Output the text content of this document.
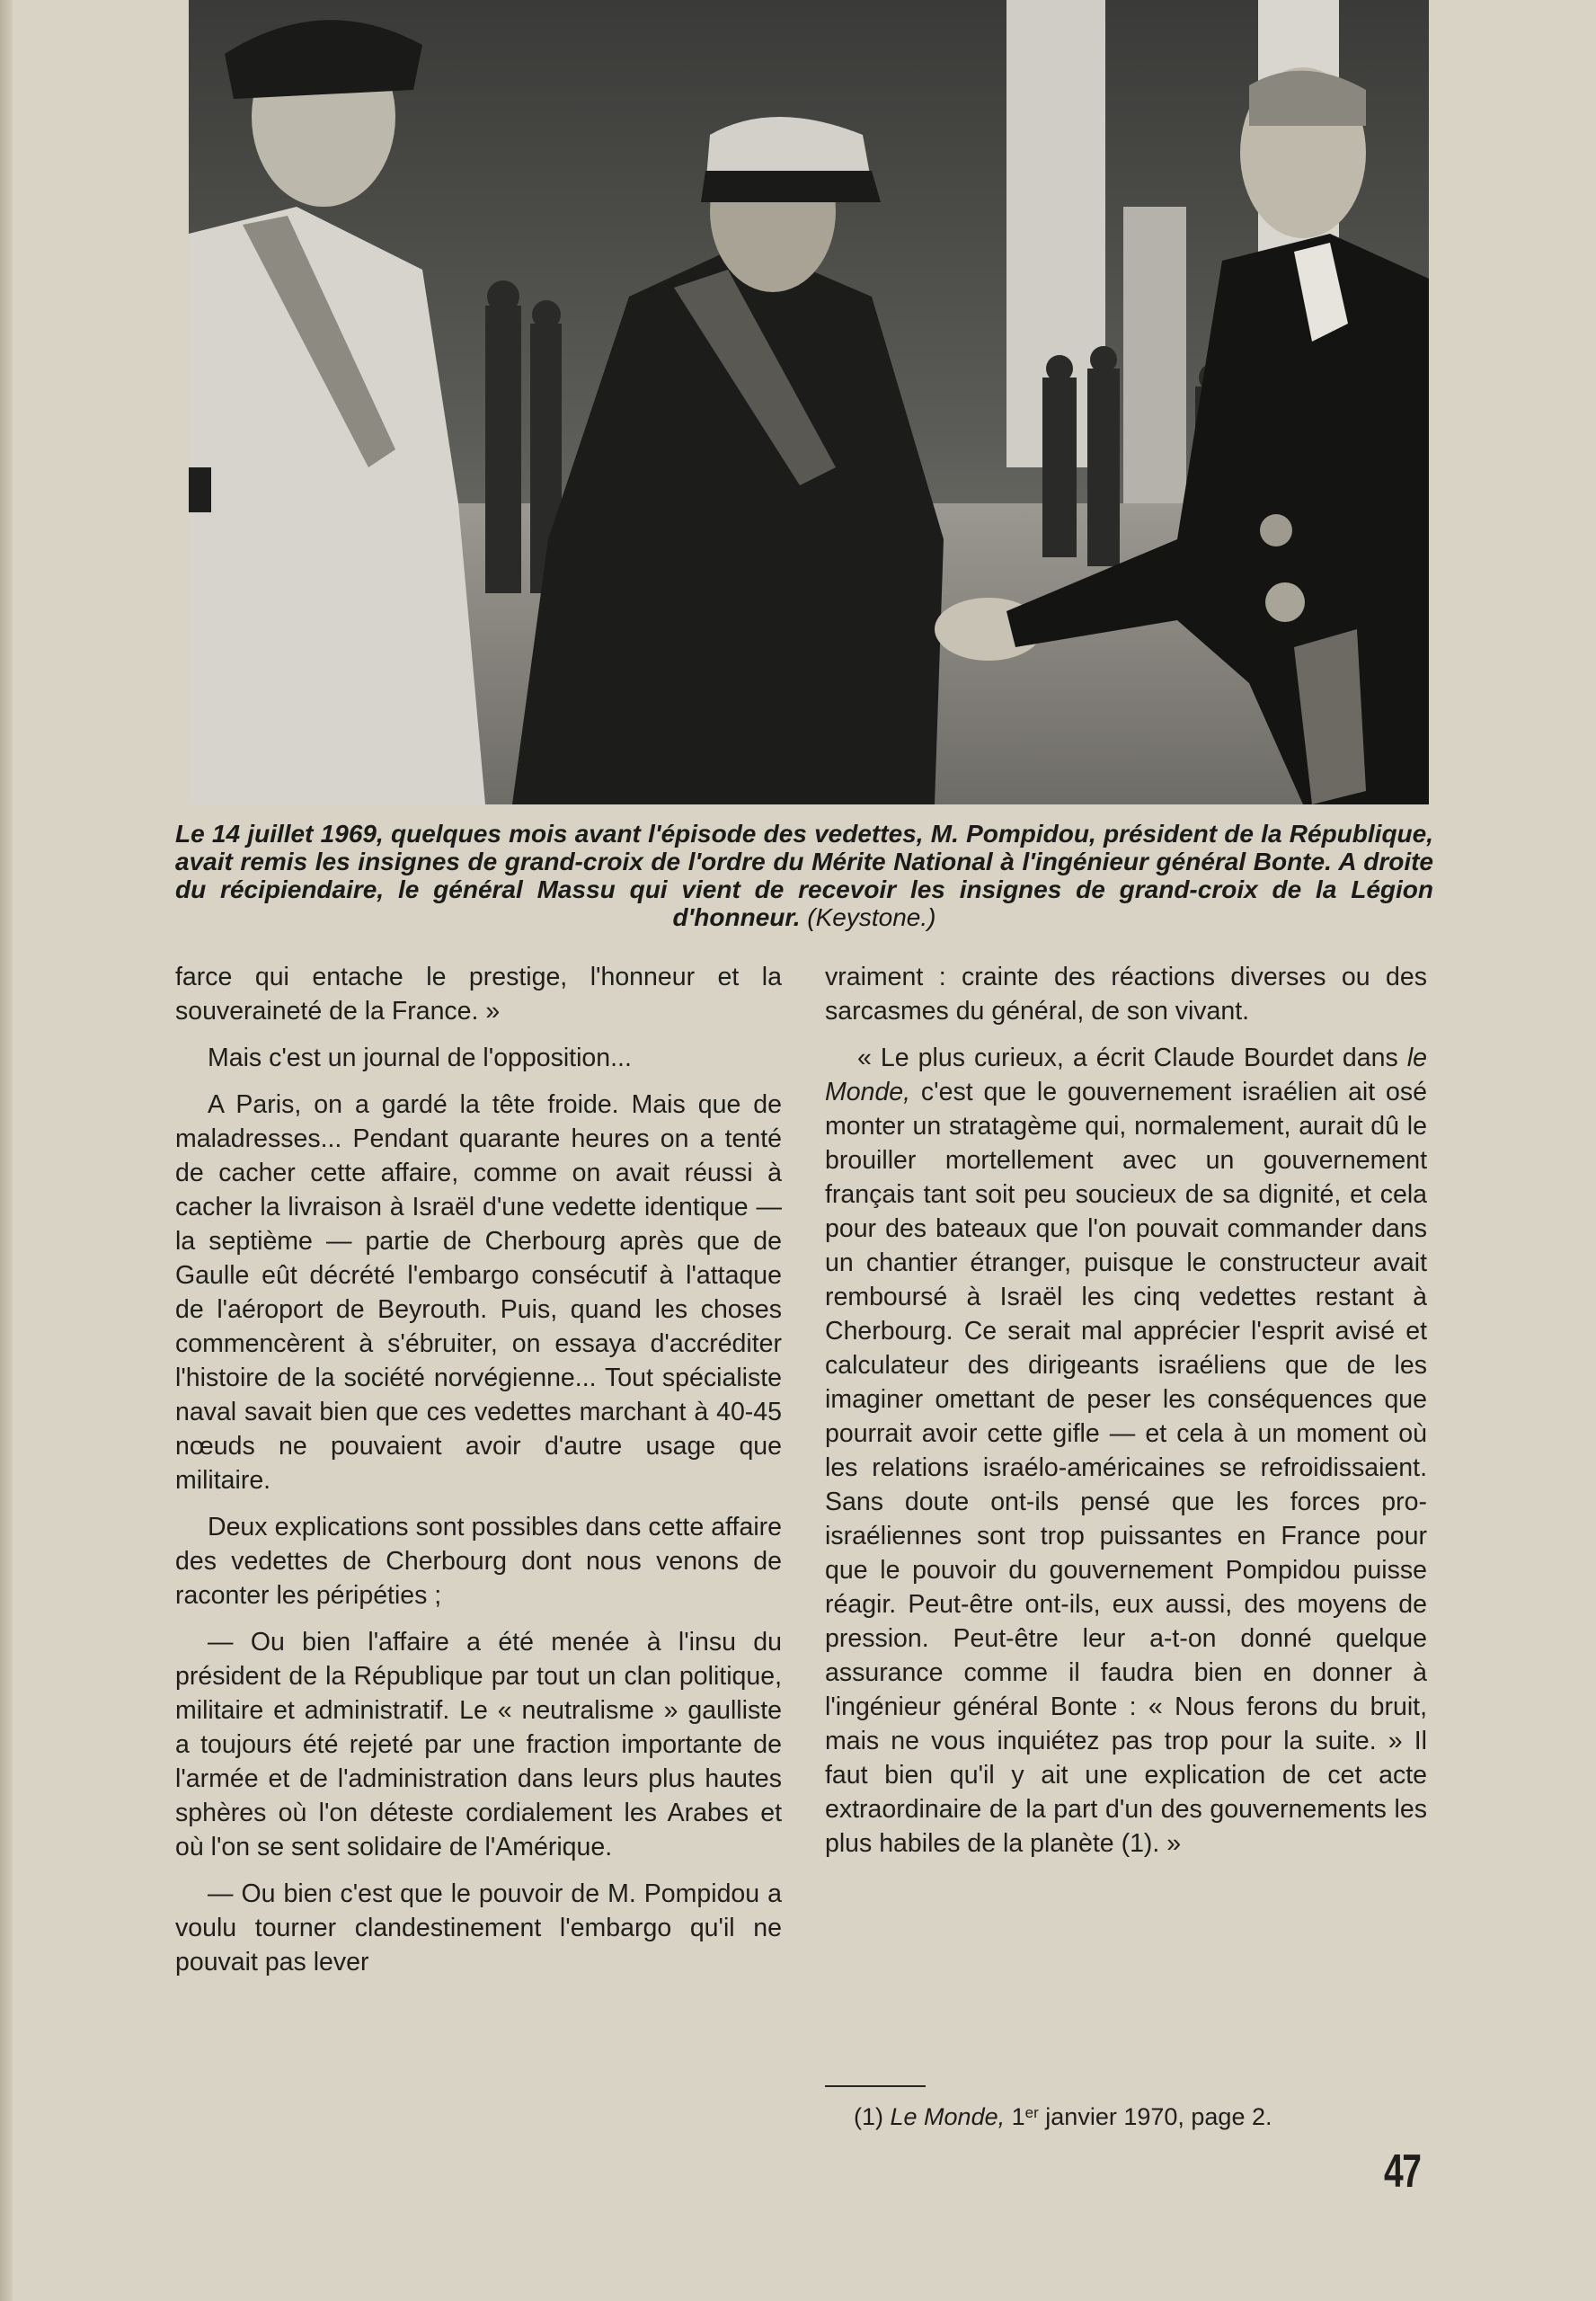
Le 14 juillet 1969, quelques mois avant l'épisode des vedettes, M. Pompidou, président de la République, avait remis les insignes de grand-croix de l'ordre du Mérite National à l'ingénieur général Bonte. A droite du récipiendaire, le général Massu qui vient de recevoir les insignes de grand-croix de la Légion d'honneur. (Keystone.)

farce qui entache le prestige, l'honneur et la souveraineté de la France. »

Mais c'est un journal de l'opposition...

A Paris, on a gardé la tête froide. Mais que de maladresses... Pendant quarante heures on a tenté de cacher cette affaire, comme on avait réussi à cacher la livraison à Israël d'une vedette identique — la septième — partie de Cherbourg après que de Gaulle eût décrété l'embargo consécutif à l'attaque de l'aéroport de Beyrouth. Puis, quand les choses commencèrent à s'ébruiter, on essaya d'accréditer l'histoire de la société norvégienne... Tout spécialiste naval savait bien que ces vedettes marchant à 40-45 nœuds ne pouvaient avoir d'autre usage que militaire.

Deux explications sont possibles dans cette affaire des vedettes de Cherbourg dont nous venons de raconter les péripéties ;

— Ou bien l'affaire a été menée à l'insu du président de la République par tout un clan politique, militaire et administratif. Le « neutralisme » gaulliste a toujours été rejeté par une fraction importante de l'armée et de l'administration dans leurs plus hautes sphères où l'on déteste cordialement les Arabes et où l'on se sent solidaire de l'Amérique.

— Ou bien c'est que le pouvoir de M. Pompidou a voulu tourner clandestinement l'embargo qu'il ne pouvait pas lever

vraiment : crainte des réactions diverses ou des sarcasmes du général, de son vivant.

« Le plus curieux, a écrit Claude Bourdet dans le Monde, c'est que le gouvernement israélien ait osé monter un stratagème qui, normalement, aurait dû le brouiller mortellement avec un gouvernement français tant soit peu soucieux de sa dignité, et cela pour des bateaux que l'on pouvait commander dans un chantier étranger, puisque le constructeur avait remboursé à Israël les cinq vedettes restant à Cherbourg. Ce serait mal apprécier l'esprit avisé et calculateur des dirigeants israéliens que de les imaginer omettant de peser les conséquences que pourrait avoir cette gifle — et cela à un moment où les relations israélo-américaines se refroidissaient. Sans doute ont-ils pensé que les forces pro-israéliennes sont trop puissantes en France pour que le pouvoir du gouvernement Pompidou puisse réagir. Peut-être ont-ils, eux aussi, des moyens de pression. Peut-être leur a-t-on donné quelque assurance comme il faudra bien en donner à l'ingénieur général Bonte : « Nous ferons du bruit, mais ne vous inquiétez pas trop pour la suite. » Il faut bien qu'il y ait une explication de cet acte extraordinaire de la part d'un des gouvernements les plus habiles de la planète (1). »

(1) Le Monde, 1er janvier 1970, page 2.
47
